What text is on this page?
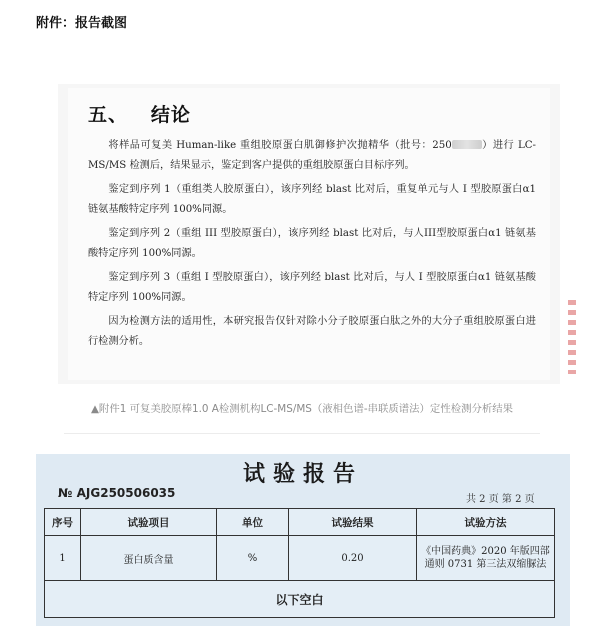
附件：报告截图
五、   结论

将样品可复美 Human-like 重组胶原蛋白肌御修护次抛精华（批号：250	）进行 LC-MS/MS 检测后，结果显示，鉴定到客户提供的重组胶原蛋白目标序列。

鉴定到序列 1（重组类人胶原蛋白），该序列经 blast 比对后，重复单元与人 I 型胶原蛋白α1 链氨基酸特定序列 100%同源。

鉴定到序列 2（重组 III 型胶原蛋白），该序列经 blast 比对后，与人III型胶原蛋白α1 链氨基酸特定序列 100%同源。

鉴定到序列 3（重组 I 型胶原蛋白），该序列经 blast 比对后，与人 I 型胶原蛋白α1 链氨基酸特定序列 100%同源。

因为检测方法的适用性，本研究报告仅针对除小分子胶原蛋白肽之外的大分子重组胶原蛋白进行检测分析。

▲附件1 可复美胶原棒1.0 A检测机构LC-MS/MS（液相色谱-串联质谱法）定性检测分析结果
试验报告
№ AJG250506035	共 2 页 第 2 页
序号	试验项目	单位	试验结果	试验方法
1	蛋白质含量	%	0.20	《中国药典》2020 年版四部通则 0731 第三法双缩脲法
以下空白				
